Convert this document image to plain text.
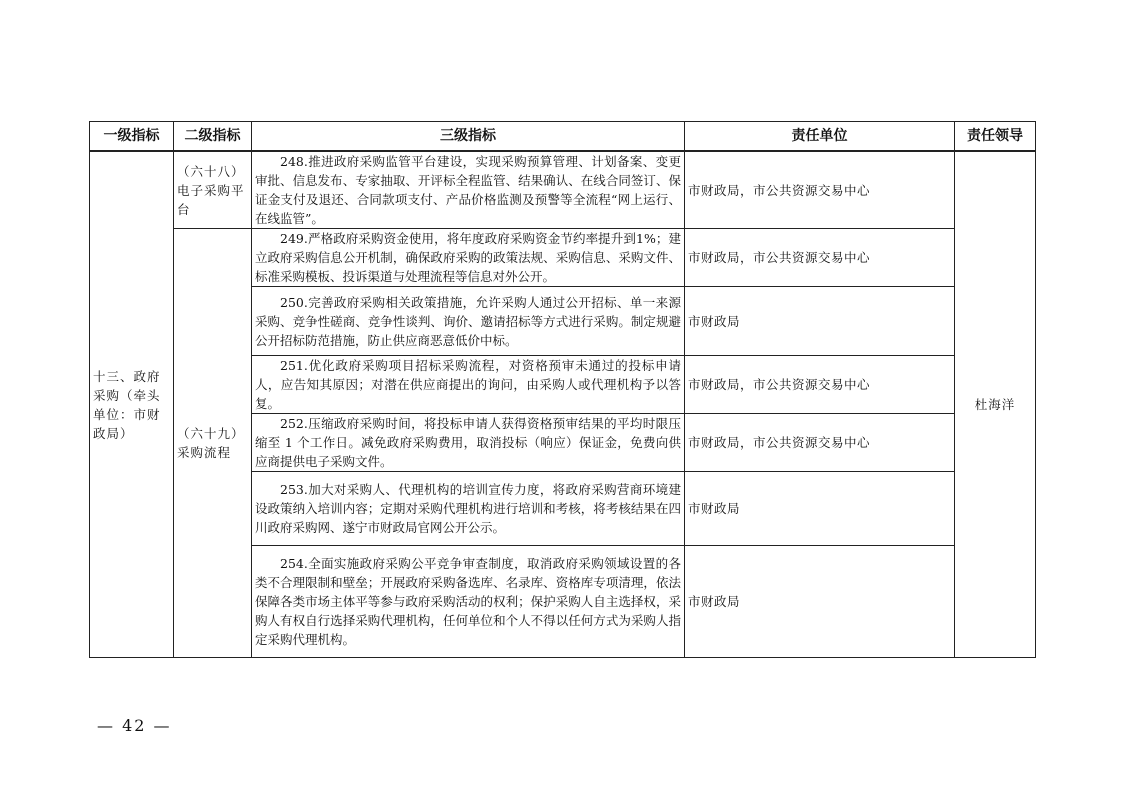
一级指标	二级指标	三级指标	责任单位	责任领导
十三、政府采购（牵头单位：市财政局）	（六十八）电子采购平台	248.推进政府采购监管平台建设，实现采购预算管理、计划备案、变更审批、信息发布、专家抽取、开评标全程监管、结果确认、在线合同签订、保证金支付及退还、合同款项支付、产品价格监测及预警等全流程“网上运行、在线监管”。	市财政局，市公共资源交易中心	杜海洋
	（六十九）采购流程	249.严格政府采购资金使用，将年度政府采购资金节约率提升到1%；建立政府采购信息公开机制，确保政府采购的政策法规、采购信息、采购文件、标准采购模板、投诉渠道与处理流程等信息对外公开。	市财政局，市公共资源交易中心	
		250.完善政府采购相关政策措施，允许采购人通过公开招标、单一来源采购、竞争性磋商、竞争性谈判、询价、邀请招标等方式进行采购。制定规避公开招标防范措施，防止供应商恶意低价中标。	市财政局	
		251.优化政府采购项目招标采购流程，对资格预审未通过的投标申请人，应告知其原因；对潜在供应商提出的询问，由采购人或代理机构予以答复。	市财政局，市公共资源交易中心	
		252.压缩政府采购时间，将投标申请人获得资格预审结果的平均时限压缩至 1 个工作日。减免政府采购费用，取消投标（响应）保证金，免费向供应商提供电子采购文件。	市财政局，市公共资源交易中心	
		253.加大对采购人、代理机构的培训宣传力度，将政府采购营商环境建设政策纳入培训内容；定期对采购代理机构进行培训和考核，将考核结果在四川政府采购网、遂宁市财政局官网公开公示。	市财政局	
		254.全面实施政府采购公平竞争审查制度，取消政府采购领域设置的各类不合理限制和壁垒；开展政府采购备选库、名录库、资格库专项清理，依法保障各类市场主体平等参与政府采购活动的权利；保护采购人自主选择权，采购人有权自行选择采购代理机构，任何单位和个人不得以任何方式为采购人指定采购代理机构。	市财政局	
— 42 —
